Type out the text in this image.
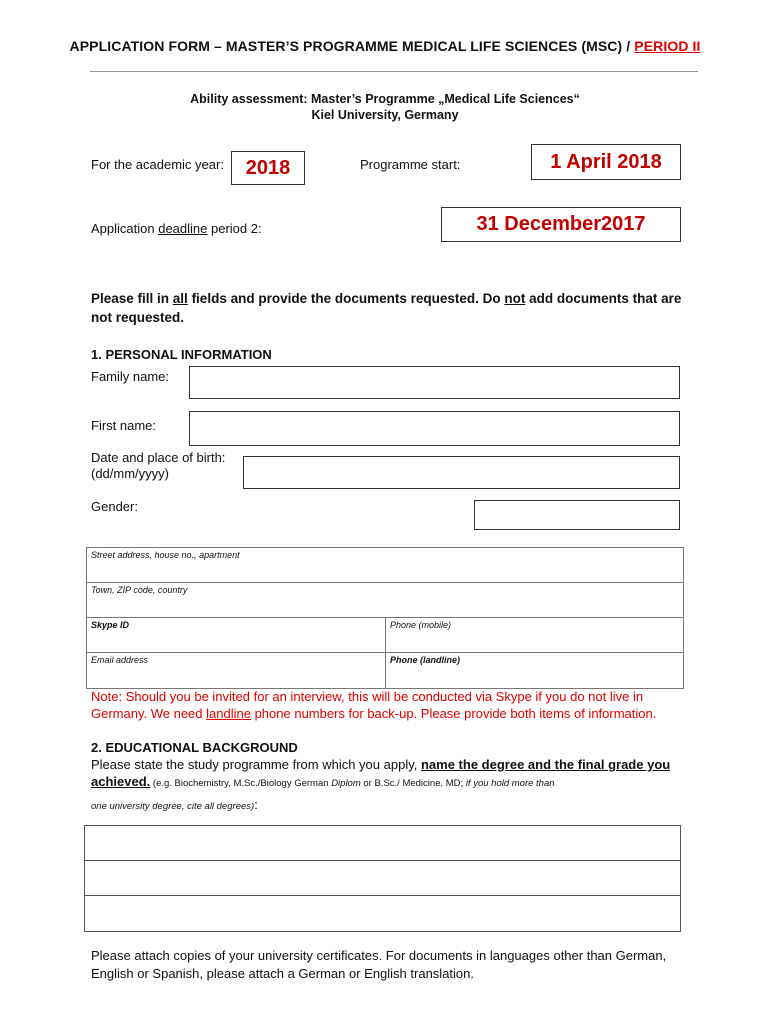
APPLICATION FORM – MASTER’S PROGRAMME MEDICAL LIFE SCIENCES (MSC) / PERIOD II
Ability assessment: Master’s Programme „Medical Life Sciences“
Kiel University, Germany
For the academic year:	2018	Programme start:	1 April 2018
Application deadline period 2:	31 December2017
Please fill in all fields and provide the documents requested. Do not add documents that are not requested.
1. PERSONAL INFORMATION
Family name:
First name:
Date and place of birth:
(dd/mm/yyyy)
Gender:
Street address, house no., apartment
Town, ZIP code, country
Skype ID	Phone (mobile)
Email address	Phone (landline)
Note: Should you be invited for an interview, this will be conducted via Skype if you do not live in Germany. We need landline phone numbers for back-up. Please provide both items of information.
2. EDUCATIONAL BACKGROUND
Please state the study programme from which you apply, name the degree and the final grade you achieved. (e.g. Biochemistry, M.Sc./Biology German Diplom or B.Sc./ Medicine, MD; if you hold more than
one university degree, cite all degrees):
Please attach copies of your university certificates. For documents in languages other than German, English or Spanish, please attach a German or English translation.
